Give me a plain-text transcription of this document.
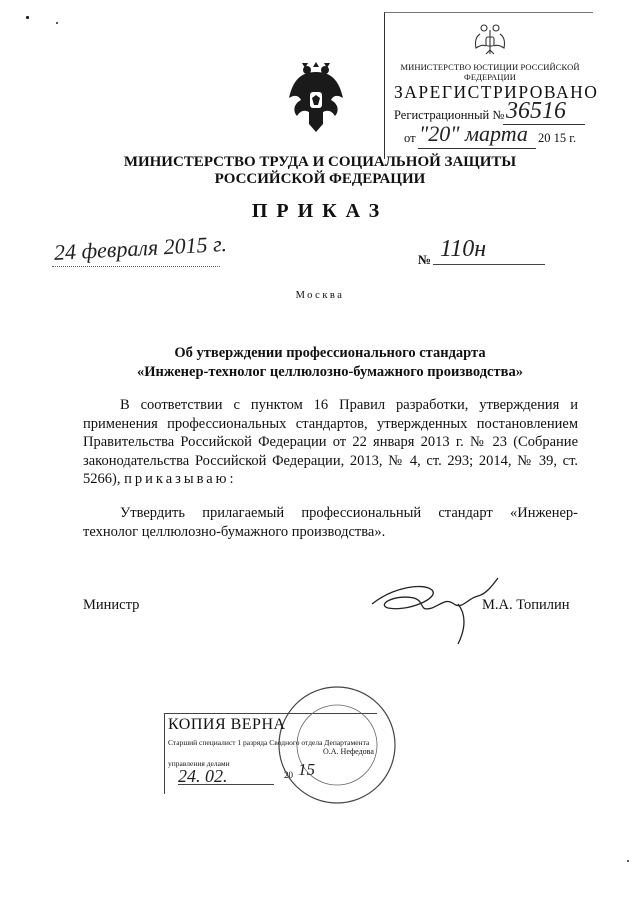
МИНИСТЕРСТВО ЮСТИЦИИ РОССИЙСКОЙ ФЕДЕРАЦИИ
ЗАРЕГИСТРИРОВАНО
Регистрационный № 36516
от "20" марта 20 15 г.
МИНИСТЕРСТВО ТРУДА И СОЦИАЛЬНОЙ ЗАЩИТЫ РОССИЙСКОЙ ФЕДЕРАЦИИ
ПРИКАЗ
24 февраля 2015 г.	№ 110н
Москва
Об утверждении профессионального стандарта
«Инженер-технолог целлюлозно-бумажного производства»
В соответствии с пунктом 16 Правил разработки, утверждения и применения профессиональных стандартов, утвержденных постановлением Правительства Российской Федерации от 22 января 2013 г. № 23 (Собрание законодательства Российской Федерации, 2013, № 4, ст. 293; 2014, № 39, ст. 5266), приказываю:
Утвердить прилагаемый профессиональный стандарт «Инженер-технолог целлюлозно-бумажного производства».
Министр	М.А. Топилин
КОПИЯ ВЕРНА
Старший специалист 1 разряда Сводного отдела Департамента
управления делами
О.А. Нефедова
24. 02.	20 15
